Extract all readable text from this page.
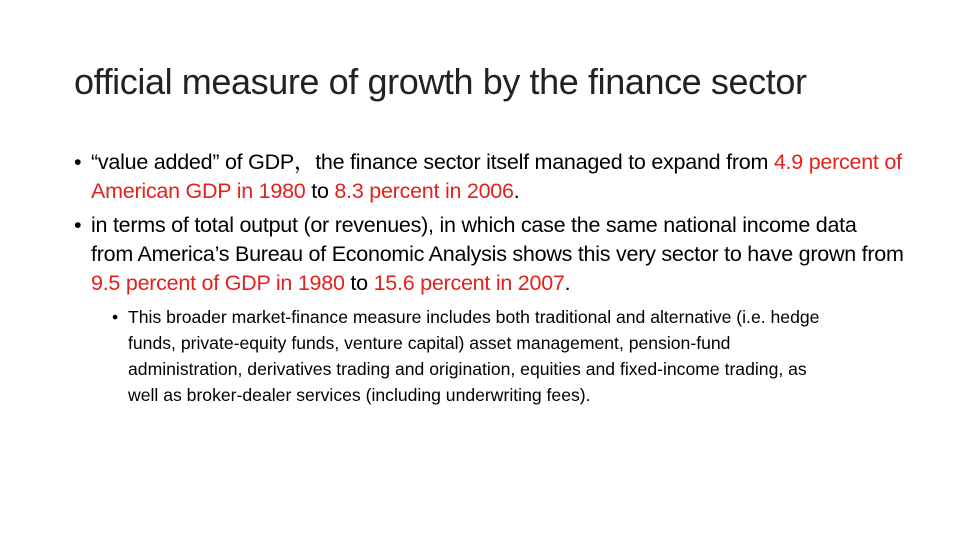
official measure of growth by the finance sector
• “value added” of GDP，the finance sector itself managed to expand from 4.9 percent of American GDP in 1980 to 8.3 percent in 2006.
• in terms of total output (or revenues), in which case the same national income data from America’s Bureau of Economic Analysis shows this very sector to have grown from 9.5 percent of GDP in 1980 to 15.6 percent in 2007.
• This broader market-finance measure includes both traditional and alternative (i.e. hedge funds, private-equity funds, venture capital) asset management, pension-fund administration, derivatives trading and origination, equities and fixed-income trading, as well as broker-dealer services (including underwriting fees).
